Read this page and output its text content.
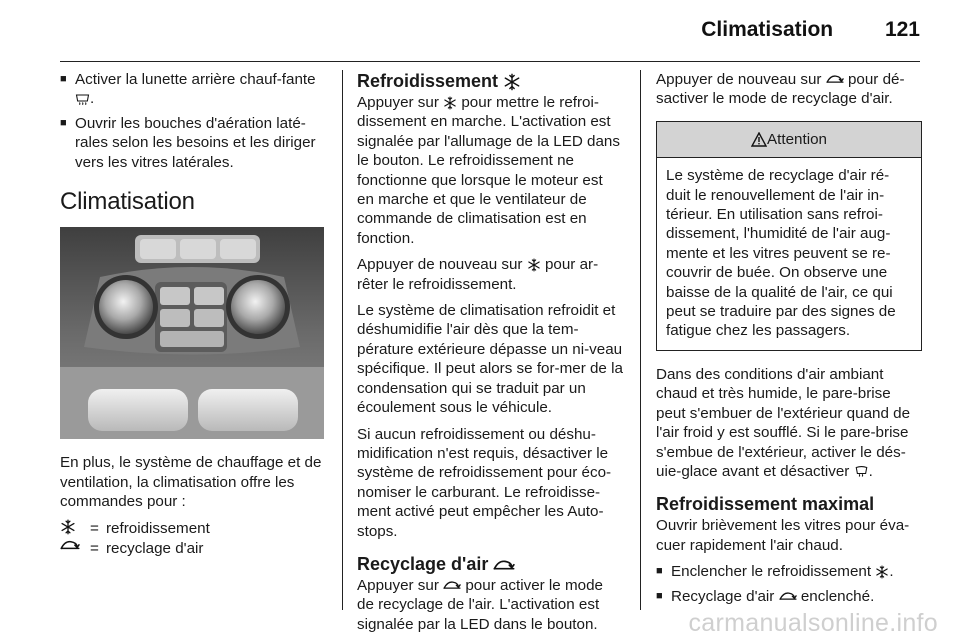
Climatisation 121
■ Activer la lunette arrière chauf-fante .
■ Ouvrir les bouches d'aération laté-rales selon les besoins et les diriger vers les vitres latérales.
Climatisation

En plus, le système de chauffage et de ventilation, la climatisation offre les commandes pour :

= refroidissement
= recyclage d'air
Refroidissement

Appuyer sur pour mettre le refroi-dissement en marche. L'activation est signalée par l'allumage de la LED dans le bouton. Le refroidissement ne fonctionne que lorsque le moteur est en marche et que le ventilateur de commande de climatisation est en fonction.

Appuyer de nouveau sur pour ar-rêter le refroidissement.

Le système de climatisation refroidit et déshumidifie l'air dès que la tem-pérature extérieure dépasse un ni-veau spécifique. Il peut alors se for-mer de la condensation qui se traduit par un écoulement sous le véhicule.

Si aucun refroidissement ou déshu-midification n'est requis, désactiver le système de refroidissement pour éco-nomiser le carburant. Le refroidisse-ment activé peut empêcher les Auto-stops.

Recyclage d'air

Appuyer sur pour activer le mode de recyclage de l'air. L'activation est signalée par la LED dans le bouton.

Appuyer de nouveau sur pour dé-sactiver le mode de recyclage d'air.

Attention
Le système de recyclage d'air ré-duit le renouvellement de l'air in-térieur. En utilisation sans refroi-dissement, l'humidité de l'air aug-mente et les vitres peuvent se re-couvrir de buée. On observe une baisse de la qualité de l'air, ce qui peut se traduire par des signes de fatigue chez les passagers.

Dans des conditions d'air ambiant chaud et très humide, le pare-brise peut s'embuer de l'extérieur quand de l'air froid y est soufflé. Si le pare-brise s'embue de l'extérieur, activer le dés-uie-glace avant et désactiver .

Refroidissement maximal

Ouvrir brièvement les vitres pour éva-cuer rapidement l'air chaud.

■ Enclencher le refroidissement .
■ Recyclage d'air enclenché.
carmanualsonline.info
